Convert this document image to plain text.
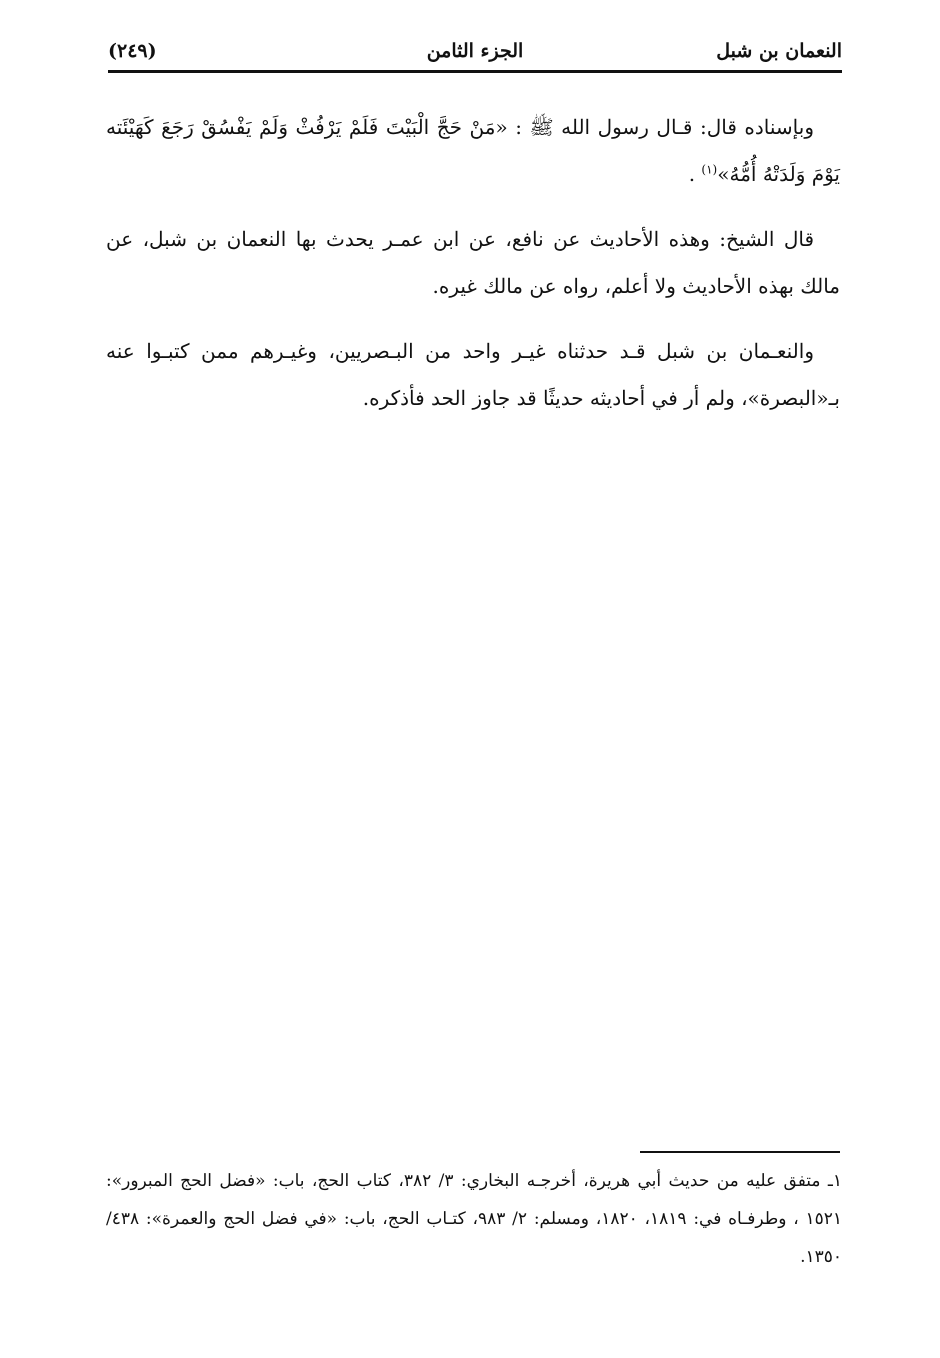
النعمان بن شبل
الجزء الثامن
(٢٤٩)

وبإسناده قال: قـال رسول الله ﷺ : «مَنْ حَجَّ الْبَيْتَ فَلَمْ يَرْفُثْ وَلَمْ يَفْسُقْ رَجَعَ كَهَيْئَته يَوْمَ وَلَدَتْهُ أُمُّهُ»$^{(١)}$ .

قال الشيخ: وهذه الأحاديث عن نافع، عن ابن عمـر يحدث بها النعمان بن شبل، عن مالك بهذه الأحاديث ولا أعلم، رواه عن مالك غيره.

والنعـمان بن شبل قـد حدثناه غيـر واحد من البـصريين، وغيـرهم ممن كتبـوا عنه بـ«البصرة»، ولم أر في أحاديثه حديثًا قد جاوز الحد فأذكره.

١ـ متفق عليه من حديث أبي هريرة، أخرجـه البخاري: ٣/ ٣٨٢، كتاب الحج، باب: «فضل الحج المبرور»: ١٥٢١ ، وطرفـاه في: ١٨١٩، ١٨٢٠، ومسلم: ٢/ ٩٨٣، كتـاب الحج، باب: «في فضل الحج والعمرة»: ٤٣٨/ ١٣٥٠.
